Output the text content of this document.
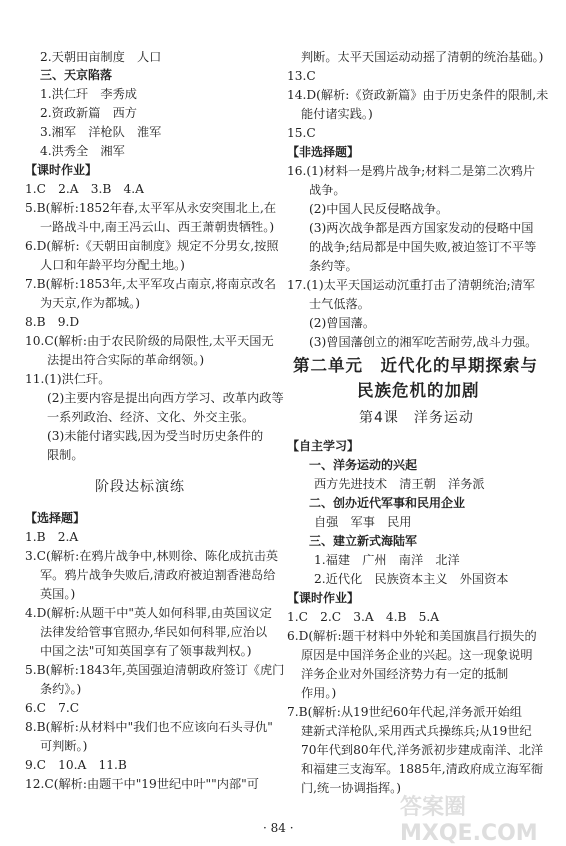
2.天朝田亩制度　人口
三、天京陷落
1.洪仁玕　李秀成
2.资政新篇　西方
3.湘军　洋枪队　淮军
4.洪秀全　湘军
【课时作业】
1.C　2.A　3.B　4.A
5.B(解析:1852年春,太平军从永安突围北上,在
一路战斗中,南王冯云山、西王萧朝贵牺牲。)
6.D(解析:《天朝田亩制度》规定不分男女,按照
人口和年龄平均分配土地。)
7.B(解析:1853年,太平军攻占南京,将南京改名
为天京,作为都城。)
8.B　9.D
10.C(解析:由于农民阶级的局限性,太平天国无
法提出符合实际的革命纲领。)
11.(1)洪仁玕。
(2)主要内容是提出向西方学习、改革内政等
一系列政治、经济、文化、外交主张。
(3)未能付诸实践,因为受当时历史条件的
限制。
阶段达标演练
【选择题】
1.B　2.A
3.C(解析:在鸦片战争中,林则徐、陈化成抗击英
军。鸦片战争失败后,清政府被迫割香港岛给
英国。)
4.D(解析:从题干中"英人如何科罪,由英国议定
法律发给管事官照办,华民如何科罪,应治以
中国之法"可知英国享有了领事裁判权。)
5.B(解析:1843年,英国强迫清朝政府签订《虎门
条约》。)
6.C　7.C
8.B(解析:从材料中"我们也不应该向石头寻仇"
可判断。)
9.C　10.A　11.B
12.C(解析:由题干中"19世纪中叶""内部"可
判断。太平天国运动动摇了清朝的统治基础。)
13.C
14.D(解析:《资政新篇》由于历史条件的限制,未
能付诸实践。)
15.C
【非选择题】
16.(1)材料一是鸦片战争;材料二是第二次鸦片
战争。
(2)中国人民反侵略战争。
(3)两次战争都是西方国家发动的侵略中国
的战争;结局都是中国失败,被迫签订不平等
条约等。
17.(1)太平天国运动沉重打击了清朝统治;清军
士气低落。
(2)曾国藩。
(3)曾国藩创立的湘军吃苦耐劳,战斗力强。
第二单元　近代化的早期探索与
民族危机的加剧
第4课　洋务运动
【自主学习】
一、洋务运动的兴起
西方先进技术　清王朝　洋务派
二、创办近代军事和民用企业
自强　军事　民用
三、建立新式海陆军
1.福建　广州　南洋　北洋
2.近代化　民族资本主义　外国资本
【课时作业】
1.C　2.C　3.A　4.B　5.A
6.D(解析:题干材料中外轮和美国旗昌行损失的
原因是中国洋务企业的兴起。这一现象说明
洋务企业对外国经济势力有一定的抵制
作用。)
7.B(解析:从19世纪60年代起,洋务派开始组
建新式洋枪队,采用西式兵操练兵;从19世纪
70年代到80年代,洋务派初步建成南洋、北洋
和福建三支海军。1885年,清政府成立海军衙
门,统一协调指挥。)
· 84 ·
答案圈 MXQE.COM
